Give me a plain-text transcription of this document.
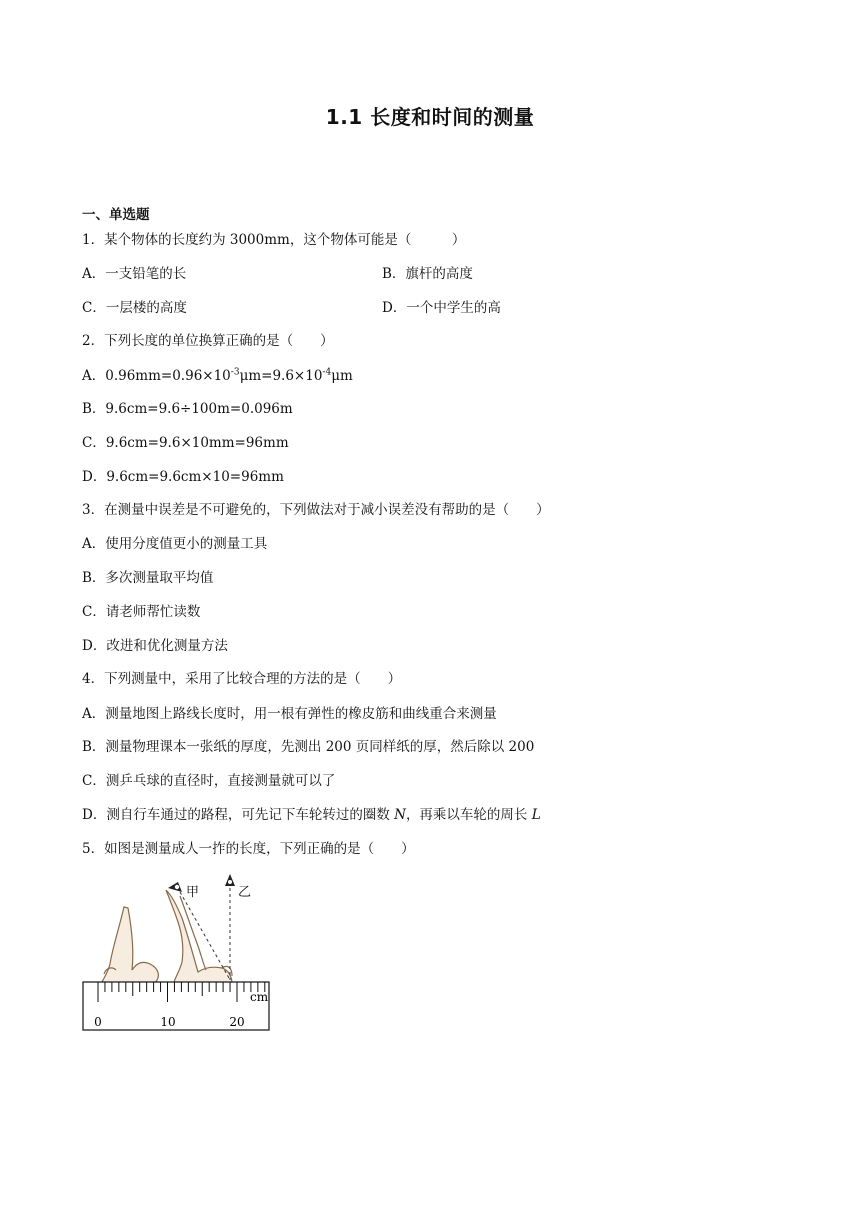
1.1 长度和时间的测量
一、单选题
1．某个物体的长度约为 3000mm，这个物体可能是（　　　）
A．一支铅笔的长	B．旗杆的高度
C．一层楼的高度	D．一个中学生的高
2．下列长度的单位换算正确的是（　　）
A．$0.96mm=0.96\times 10^{-3}\mu m=9.6\times 10^{-4}\mu m$
B．9.6cm=9.6÷100m=0.096m
C．9.6cm=9.6×10mm=96mm
D．9.6cm=9.6cm×10=96mm
3．在测量中误差是不可避免的，下列做法对于减小误差没有帮助的是（　　）
A．使用分度值更小的测量工具
B．多次测量取平均值
C．请老师帮忙读数
D．改进和优化测量方法
4．下列测量中，采用了比较合理的方法的是（　　）
A．测量地图上路线长度时，用一根有弹性的橡皮筋和曲线重合来测量
B．测量物理课本一张纸的厚度，先测出 200 页同样纸的厚，然后除以 200
C．测乒乓球的直径时，直接测量就可以了
D．测自行车通过的路程，可先记下车轮转过的圈数 N，再乘以车轮的周长 L
5．如图是测量成人一拃的长度，下列正确的是（　　）
甲	乙
0	10	20
cm
